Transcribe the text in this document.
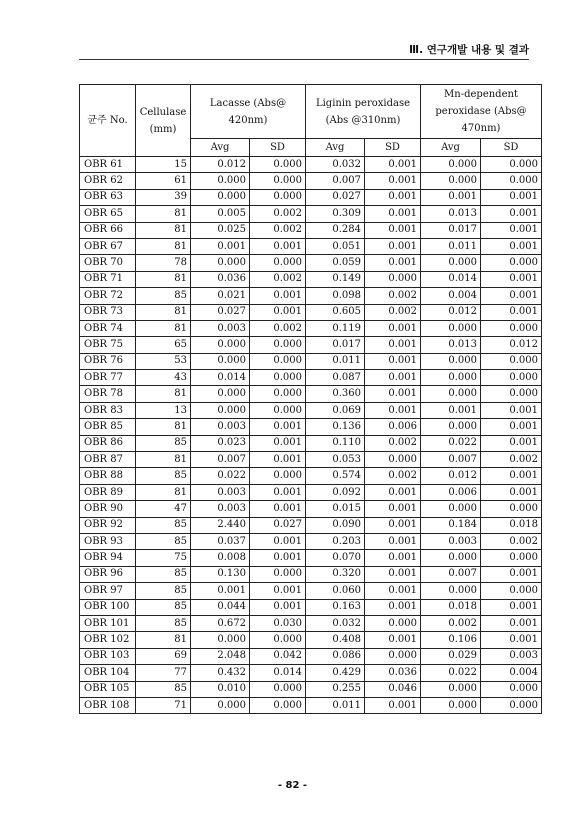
Ⅲ. 연구개발 내용 및 결과
균주 No.	Cellulase (mm)	Lacasse (Abs@ 420nm)		Liginin peroxidase (Abs @310nm)		Mn-dependent peroxidase (Abs@ 470nm)	
		Avg	SD	Avg	SD	Avg	SD
OBR 61	15	0.012	0.000	0.032	0.001	0.000	0.000
OBR 62	61	0.000	0.000	0.007	0.001	0.000	0.000
OBR 63	39	0.000	0.000	0.027	0.001	0.001	0.001
OBR 65	81	0.005	0.002	0.309	0.001	0.013	0.001
OBR 66	81	0.025	0.002	0.284	0.001	0.017	0.001
OBR 67	81	0.001	0.001	0.051	0.001	0.011	0.001
OBR 70	78	0.000	0.000	0.059	0.001	0.000	0.000
OBR 71	81	0.036	0.002	0.149	0.000	0.014	0.001
OBR 72	85	0.021	0.001	0.098	0.002	0.004	0.001
OBR 73	81	0.027	0.001	0.605	0.002	0.012	0.001
OBR 74	81	0.003	0.002	0.119	0.001	0.000	0.000
OBR 75	65	0.000	0.000	0.017	0.001	0.013	0.012
OBR 76	53	0.000	0.000	0.011	0.001	0.000	0.000
OBR 77	43	0.014	0.000	0.087	0.001	0.000	0.000
OBR 78	81	0.000	0.000	0.360	0.001	0.000	0.000
OBR 83	13	0.000	0.000	0.069	0.001	0.001	0.001
OBR 85	81	0.003	0.001	0.136	0.006	0.000	0.001
OBR 86	85	0.023	0.001	0.110	0.002	0.022	0.001
OBR 87	81	0.007	0.001	0.053	0.000	0.007	0.002
OBR 88	85	0.022	0.000	0.574	0.002	0.012	0.001
OBR 89	81	0.003	0.001	0.092	0.001	0.006	0.001
OBR 90	47	0.003	0.001	0.015	0.001	0.000	0.000
OBR 92	85	2.440	0.027	0.090	0.001	0.184	0.018
OBR 93	85	0.037	0.001	0.203	0.001	0.003	0.002
OBR 94	75	0.008	0.001	0.070	0.001	0.000	0.000
OBR 96	85	0.130	0.000	0.320	0.001	0.007	0.001
OBR 97	85	0.001	0.001	0.060	0.001	0.000	0.000
OBR 100	85	0.044	0.001	0.163	0.001	0.018	0.001
OBR 101	85	0.672	0.030	0.032	0.000	0.002	0.001
OBR 102	81	0.000	0.000	0.408	0.001	0.106	0.001
OBR 103	69	2.048	0.042	0.086	0.000	0.029	0.003
OBR 104	77	0.432	0.014	0.429	0.036	0.022	0.004
OBR 105	85	0.010	0.000	0.255	0.046	0.000	0.000
OBR 108	71	0.000	0.000	0.011	0.001	0.000	0.000
- 82 -
